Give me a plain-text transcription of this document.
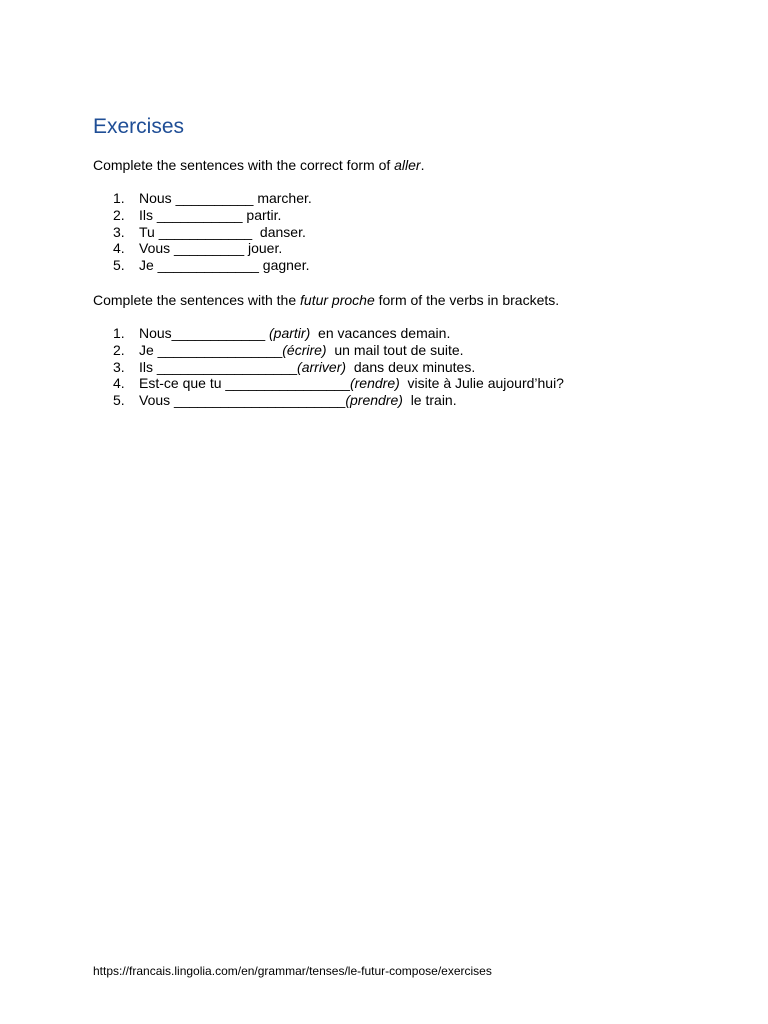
Exercises

Complete the sentences with the correct form of aller.

1. Nous __________ marcher.
2. Ils ___________ partir.
3. Tu ____________  danser.
4. Vous _________ jouer.
5. Je _____________ gagner.

Complete the sentences with the futur proche form of the verbs in brackets.

1. Nous____________ (partir)  en vacances demain.
2. Je ________________(écrire)  un mail tout de suite.
3. Ils __________________(arriver)  dans deux minutes.
4. Est-ce que tu ________________(rendre)  visite à Julie aujourd’hui?
5. Vous ______________________(prendre)  le train.

https://francais.lingolia.com/en/grammar/tenses/le-futur-compose/exercises
